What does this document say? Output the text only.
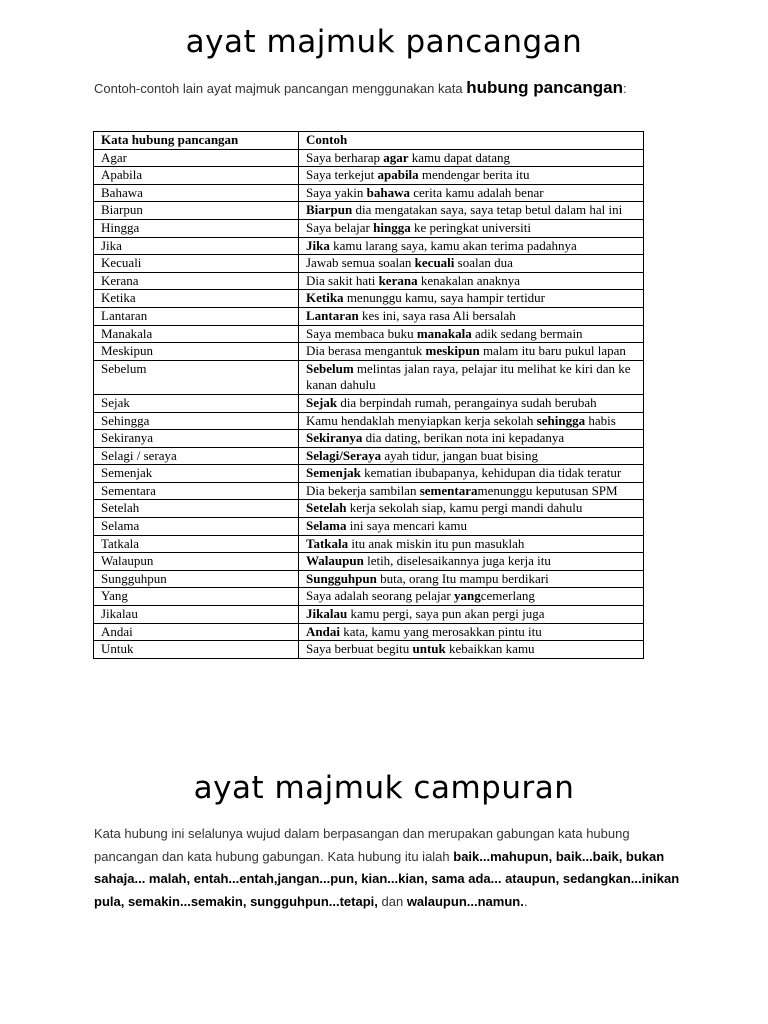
ayat majmuk pancangan
Contoh-contoh lain ayat majmuk pancangan menggunakan kata hubung pancangan:
Kata hubung pancangan	Contoh
Agar	Saya berharap agar kamu dapat datang
Apabila	Saya terkejut apabila mendengar berita itu
Bahawa	Saya yakin bahawa cerita kamu adalah benar
Biarpun	Biarpun dia mengatakan saya, saya tetap betul dalam hal ini
Hingga	Saya belajar hingga ke peringkat universiti
Jika	Jika kamu larang saya, kamu akan terima padahnya
Kecuali	Jawab semua soalan kecuali soalan dua
Kerana	Dia sakit hati kerana kenakalan anaknya
Ketika	Ketika menunggu kamu, saya hampir tertidur
Lantaran	Lantaran kes ini, saya rasa Ali bersalah
Manakala	Saya membaca buku manakala adik sedang bermain
Meskipun	Dia berasa mengantuk meskipun malam itu baru pukul lapan
Sebelum	Sebelum melintas jalan raya, pelajar itu melihat ke kiri dan ke kanan dahulu
Sejak	Sejak dia berpindah rumah, perangainya sudah berubah
Sehingga	Kamu hendaklah menyiapkan kerja sekolah sehingga habis
Sekiranya	Sekiranya dia dating, berikan nota ini kepadanya
Selagi / seraya	Selagi/Seraya ayah tidur, jangan buat bising
Semenjak	Semenjak kematian ibubapanya, kehidupan dia tidak teratur
Sementara	Dia bekerja sambilan sementaramenunggu keputusan SPM
Setelah	Setelah kerja sekolah siap, kamu pergi mandi dahulu
Selama	Selama ini saya mencari kamu
Tatkala	Tatkala itu anak miskin itu pun masuklah
Walaupun	Walaupun letih, diselesaikannya juga kerja itu
Sungguhpun	Sungguhpun buta, orang Itu mampu berdikari
Yang	Saya adalah seorang pelajar yangcemerlang
Jikalau	Jikalau kamu pergi, saya pun akan pergi juga
Andai	Andai kata, kamu yang merosakkan pintu itu
Untuk	Saya berbuat begitu untuk kebaikkan kamu
ayat majmuk campuran
Kata hubung ini selalunya wujud dalam berpasangan dan merupakan gabungan kata hubung pancangan dan kata hubung gabungan. Kata hubung itu ialah baik...mahupun, baik...baik, bukan sahaja... malah, entah...entah,jangan...pun, kian...kian, sama ada... ataupun, sedangkan...inikan pula, semakin...semakin, sungguhpun...tetapi, dan walaupun...namun..
